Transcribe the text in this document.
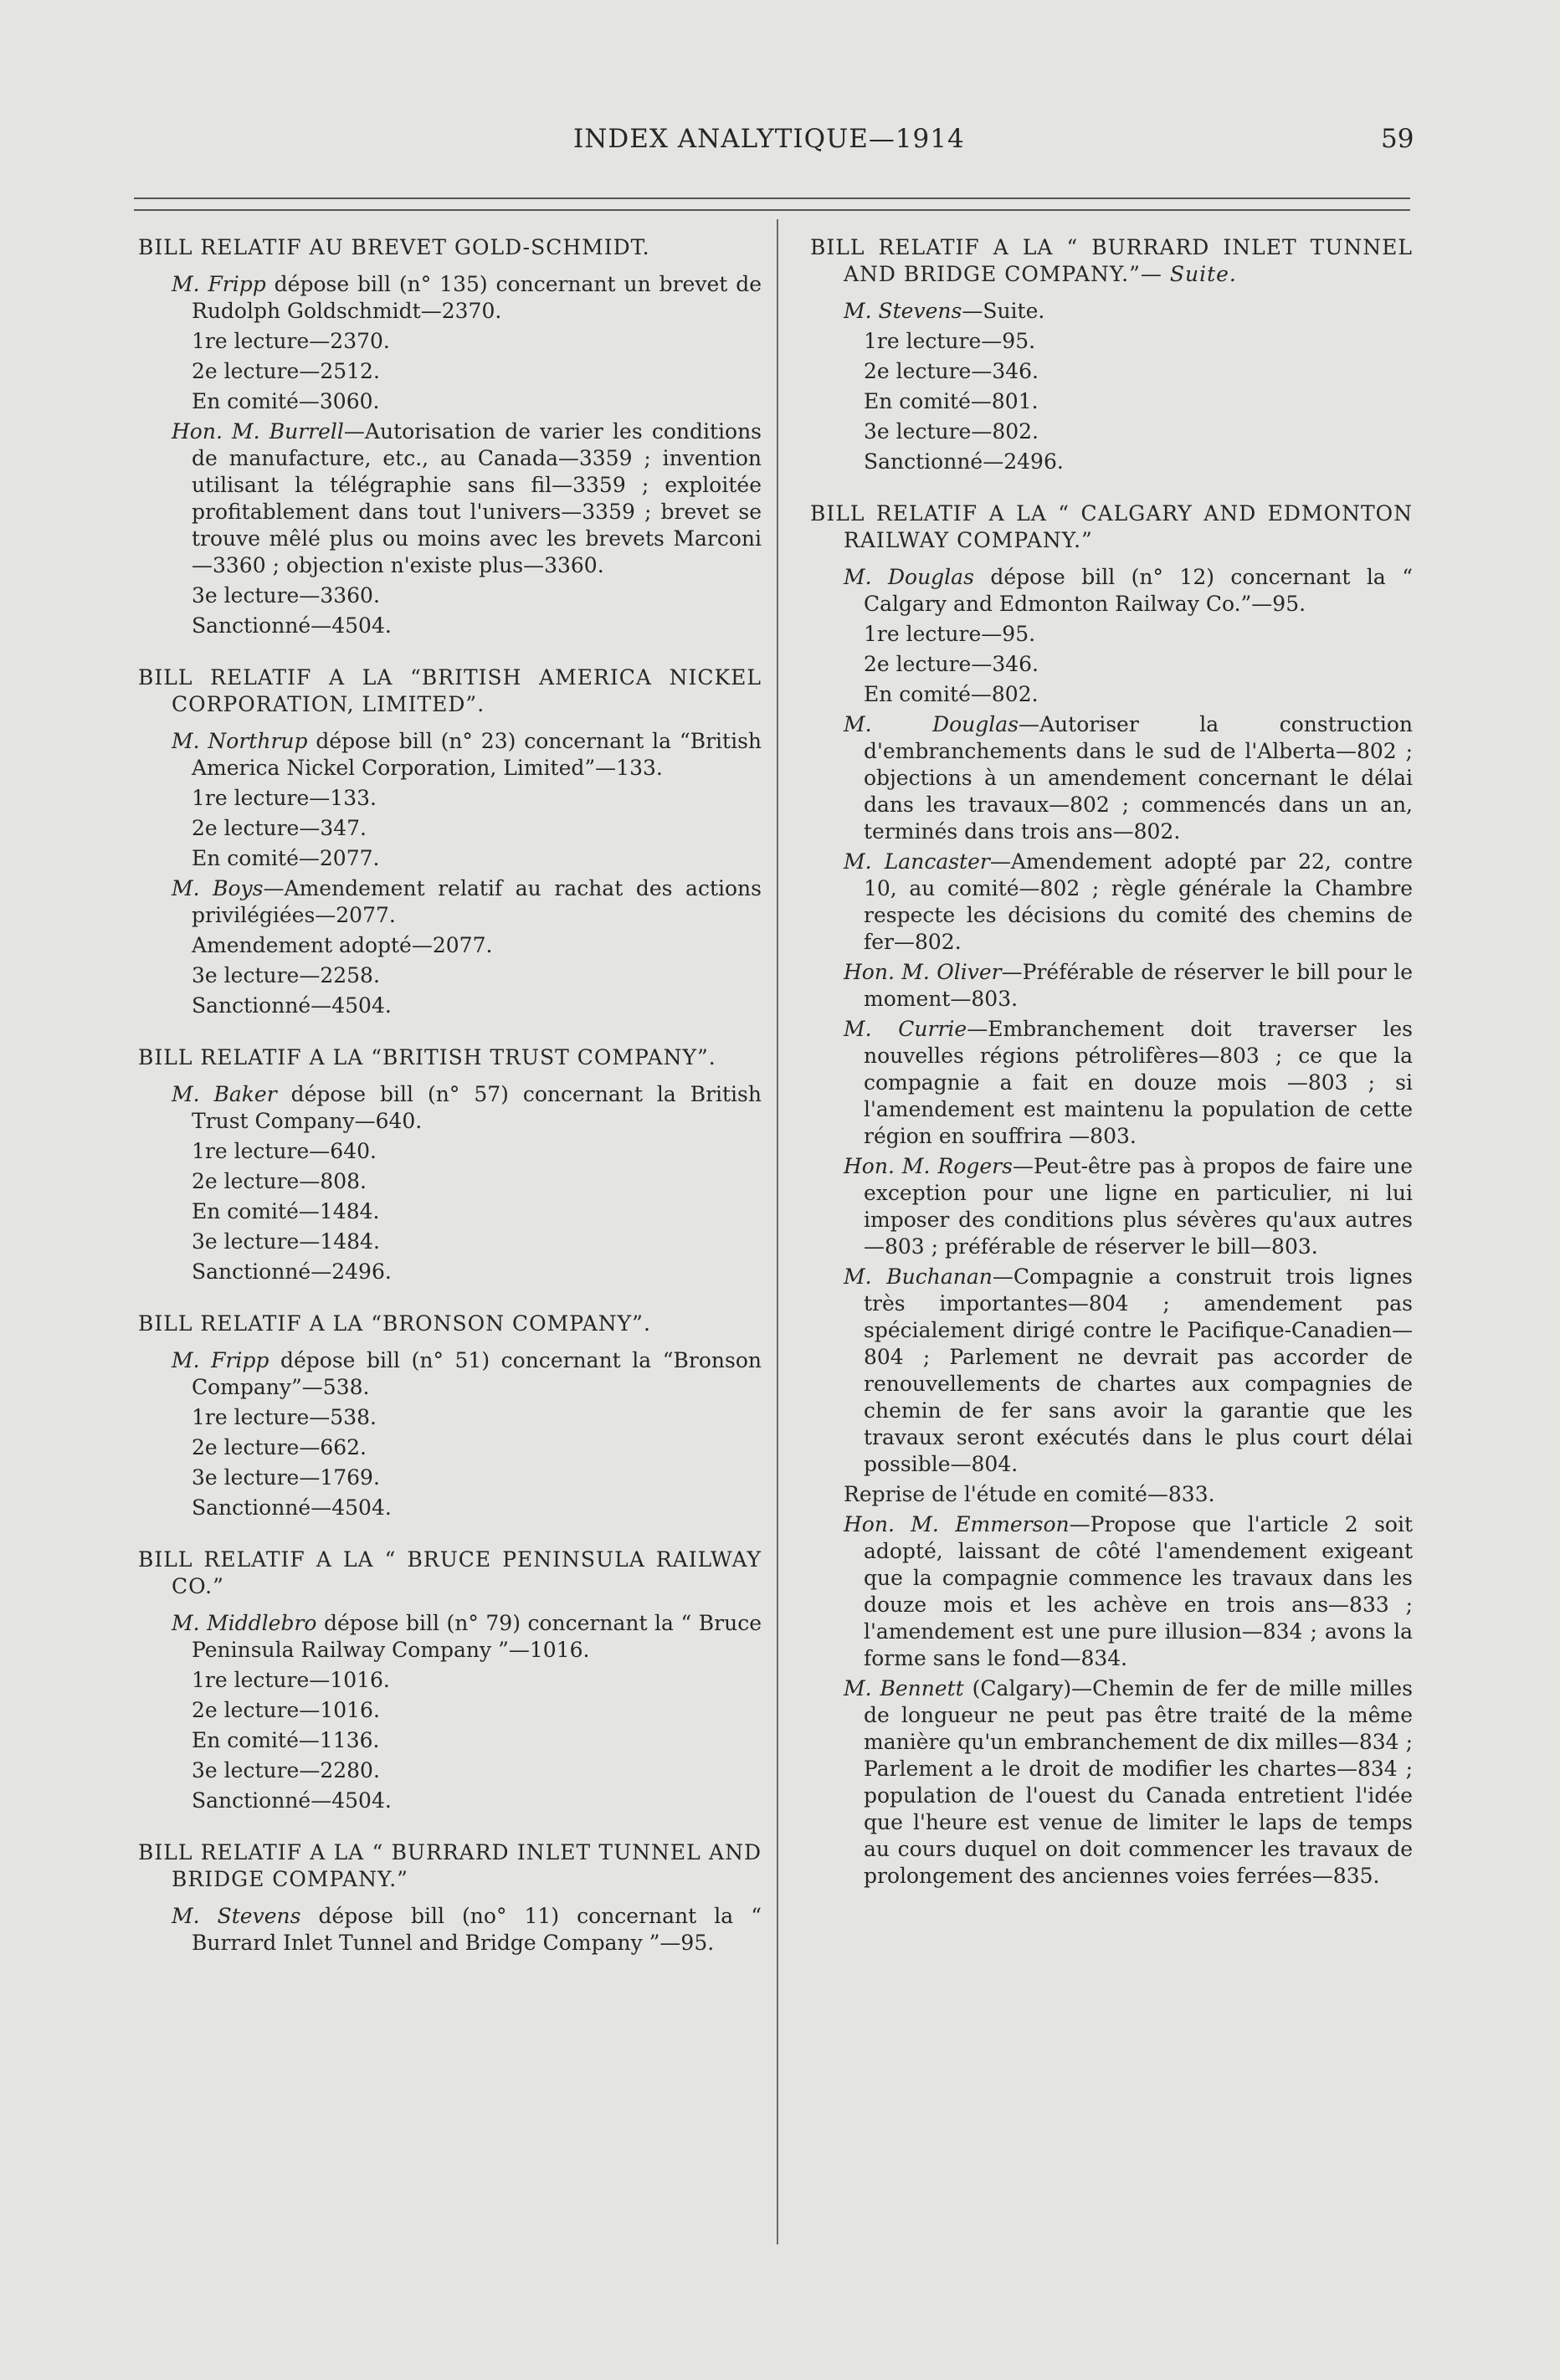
INDEX ANALYTIQUE—1914	59
BILL RELATIF AU BREVET GOLD-SCHMIDT.
M. Fripp dépose bill (n° 135) concernant un brevet de Rudolph Goldschmidt—2370.
1re lecture—2370.
2e lecture—2512.
En comité—3060.
Hon. M. Burrell—Autorisation de varier les conditions de manufacture, etc., au Canada—3359 ; invention utilisant la télégraphie sans fil—3359 ; exploitée profitablement dans tout l'univers—3359 ; brevet se trouve mêlé plus ou moins avec les brevets Marconi—3360 ; objection n'existe plus—3360.
3e lecture—3360.
Sanctionné—4504.
BILL RELATIF A LA “BRITISH AMERICA NICKEL CORPORATION, LIMITED”.
M. Northrup dépose bill (n° 23) concernant la “British America Nickel Corporation, Limited”—133.
1re lecture—133.
2e lecture—347.
En comité—2077.
M. Boys—Amendement relatif au rachat des actions privilégiées—2077.
Amendement adopté—2077.
3e lecture—2258.
Sanctionné—4504.
BILL RELATIF A LA “BRITISH TRUST COMPANY”.
M. Baker dépose bill (n° 57) concernant la British Trust Company—640.
1re lecture—640.
2e lecture—808.
En comité—1484.
3e lecture—1484.
Sanctionné—2496.
BILL RELATIF A LA “BRONSON COMPANY”.
M. Fripp dépose bill (n° 51) concernant la “Bronson Company”—538.
1re lecture—538.
2e lecture—662.
3e lecture—1769.
Sanctionné—4504.
BILL RELATIF A LA “ BRUCE PENINSULA RAILWAY CO.”
M. Middlebro dépose bill (n° 79) concernant la “ Bruce Peninsula Railway Company ”—1016.
1re lecture—1016.
2e lecture—1016.
En comité—1136.
3e lecture—2280.
Sanctionné—4504.
BILL RELATIF A LA “ BURRARD INLET TUNNEL AND BRIDGE COMPANY.”
M. Stevens dépose bill (no° 11) concernant la “ Burrard Inlet Tunnel and Bridge Company ”—95.
BILL RELATIF A LA “ BURRARD INLET TUNNEL AND BRIDGE COMPANY.”— Suite.
M. Stevens—Suite.
1re lecture—95.
2e lecture—346.
En comité—801.
3e lecture—802.
Sanctionné—2496.
BILL RELATIF A LA “ CALGARY AND EDMONTON RAILWAY COMPANY.”
M. Douglas dépose bill (n° 12) concernant la “ Calgary and Edmonton Railway Co.”—95.
1re lecture—95.
2e lecture—346.
En comité—802.
M. Douglas—Autoriser la construction d'embranchements dans le sud de l'Alberta—802 ; objections à un amendement concernant le délai dans les travaux—802 ; commencés dans un an, terminés dans trois ans—802.
M. Lancaster—Amendement adopté par 22, contre 10, au comité—802 ; règle générale la Chambre respecte les décisions du comité des chemins de fer—802.
Hon. M. Oliver—Préférable de réserver le bill pour le moment—803.
M. Currie—Embranchement doit traverser les nouvelles régions pétrolifères—803 ; ce que la compagnie a fait en douze mois —803 ; si l'amendement est maintenu la population de cette région en souffrira —803.
Hon. M. Rogers—Peut-être pas à propos de faire une exception pour une ligne en particulier, ni lui imposer des conditions plus sévères qu'aux autres—803 ; préférable de réserver le bill—803.
M. Buchanan—Compagnie a construit trois lignes très importantes—804 ; amendement pas spécialement dirigé contre le Pacifique-Canadien—804 ; Parlement ne devrait pas accorder de renouvellements de chartes aux compagnies de chemin de fer sans avoir la garantie que les travaux seront exécutés dans le plus court délai possible—804.
Reprise de l'étude en comité—833.
Hon. M. Emmerson—Propose que l'article 2 soit adopté, laissant de côté l'amendement exigeant que la compagnie commence les travaux dans les douze mois et les achève en trois ans—833 ; l'amendement est une pure illusion—834 ; avons la forme sans le fond—834.
M. Bennett (Calgary)—Chemin de fer de mille milles de longueur ne peut pas être traité de la même manière qu'un embranchement de dix milles—834 ; Parlement a le droit de modifier les chartes—834 ; population de l'ouest du Canada entretient l'idée que l'heure est venue de limiter le laps de temps au cours duquel on doit commencer les travaux de prolongement des anciennes voies ferrées—835.
